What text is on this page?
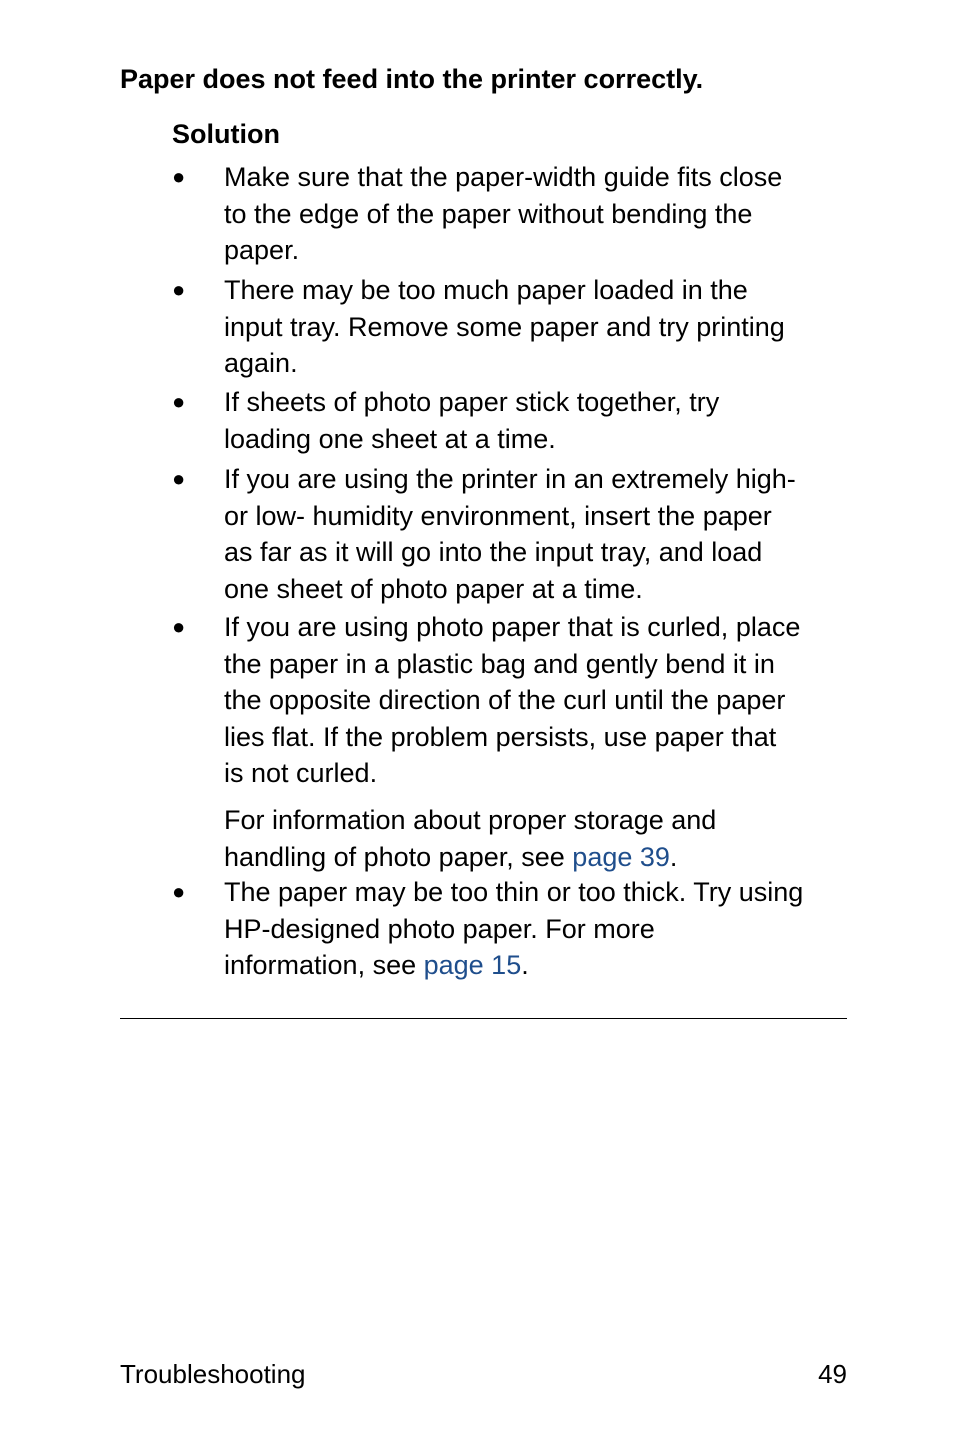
Paper does not feed into the printer correctly.
Solution
● Make sure that the paper-width guide fits close
to the edge of the paper without bending the
paper.
● There may be too much paper loaded in the
input tray. Remove some paper and try printing
again.
● If sheets of photo paper stick together, try
loading one sheet at a time.
● If you are using the printer in an extremely high-
or low- humidity environment, insert the paper
as far as it will go into the input tray, and load
one sheet of photo paper at a time.
● If you are using photo paper that is curled, place
the paper in a plastic bag and gently bend it in
the opposite direction of the curl until the paper
lies flat. If the problem persists, use paper that
is not curled.
For information about proper storage and
handling of photo paper, see page 39.
● The paper may be too thin or too thick. Try using
HP-designed photo paper. For more
information, see page 15.
Troubleshooting	49
